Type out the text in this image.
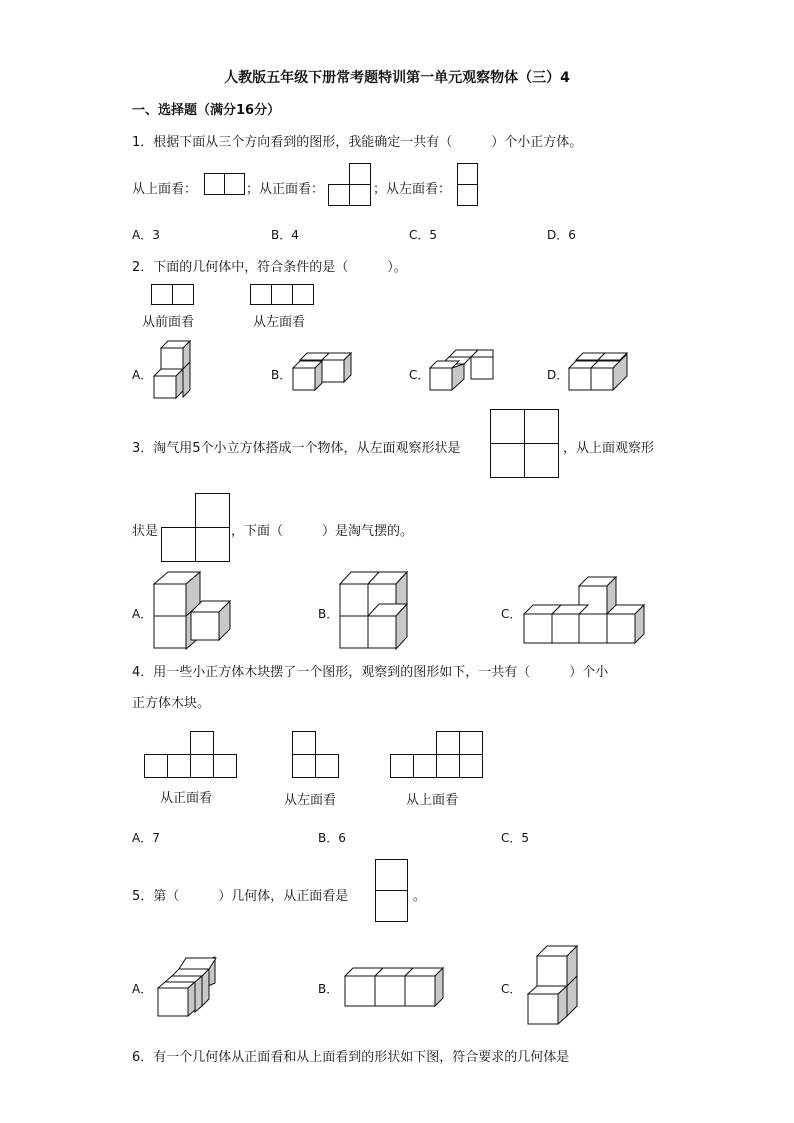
人教版五年级下册常考题特训第一单元观察物体（三）4
一、选择题（满分16分）
1．根据下面从三个方向看到的图形，我能确定一共有（　　　）个小正方体。
从上面看：	；从正面看：	；从左面看：
A．3	B．4	C．5	D．6
2．下面的几何体中，符合条件的是（　　　）。
从前面看	从左面看
A．	B．	C．	D．
3．淘气用5个小立方体搭成一个物体，从左面观察形状是	，从上面观察形
状是	，下面（　　　）是淘气摆的。
A．	B．	C．
4．用一些小正方体木块摆了一个图形，观察到的图形如下，一共有（　　　）个小
正方体木块。
从正面看	从左面看	从上面看
A．7	B．6	C．5
5．第（　　　）几何体，从正面看是	。
A．	B．	C．
6．有一个几何体从正面看和从上面看到的形状如下图，符合要求的几何体是
